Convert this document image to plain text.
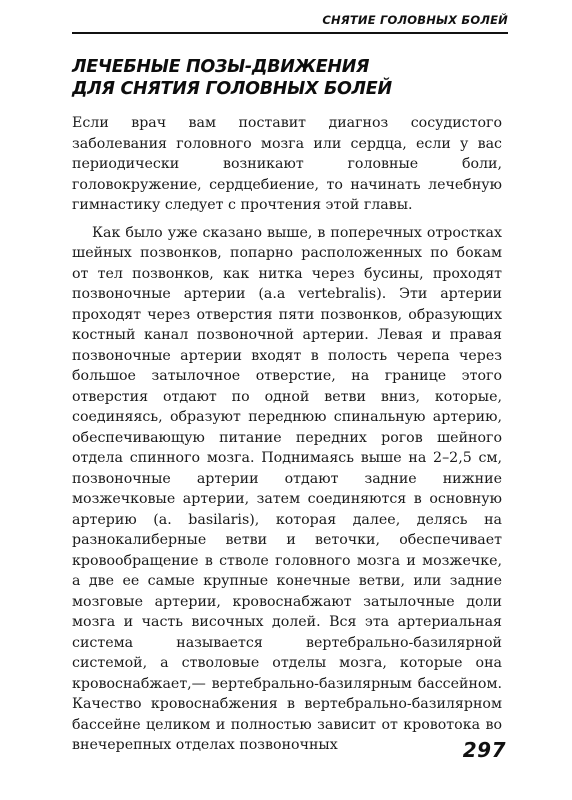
СНЯТИЕ ГОЛОВНЫХ БОЛЕЙ
ЛЕЧЕБНЫЕ ПОЗЫ-ДВИЖЕНИЯ
ДЛЯ СНЯТИЯ ГОЛОВНЫХ БОЛЕЙ

Если врач вам поставит диагноз сосудистого заболевания головного мозга или сердца, если у вас периодически возникают головные боли, головокружение, сердцебиение, то начинать лечебную гимнастику следует с прочтения этой главы.

Как было уже сказано выше, в поперечных отростках шейных позвонков, попарно расположенных по бокам от тел позвонков, как нитка через бусины, проходят позвоночные артерии (a.a vertebralis). Эти артерии проходят через отверстия пяти позвонков, образующих костный канал позвоночной артерии. Левая и правая позвоночные артерии входят в полость черепа через большое затылочное отверстие, на границе этого отверстия отдают по одной ветви вниз, которые, соединяясь, образуют переднюю спинальную артерию, обеспечивающую питание передних рогов шейного отдела спинного мозга. Поднимаясь выше на 2–2,5 см, позвоночные артерии отдают задние нижние мозжечковые артерии, затем соединяются в основную артерию (a. basilaris), которая далее, делясь на разнокалиберные ветви и веточки, обеспечивает кровообращение в стволе головного мозга и мозжечке, а две ее самые крупные конечные ветви, или задние мозговые артерии, кровоснабжают затылочные доли мозга и часть височных долей. Вся эта артериальная система называется вертебрально-базилярной системой, а стволовые отделы мозга, которые она кровоснабжает,— вертебрально-базилярным бассейном. Качество кровоснабжения в вертебрально-базилярном бассейне целиком и полностью зависит от кровотока во внечерепных отделах позвоночных	297
